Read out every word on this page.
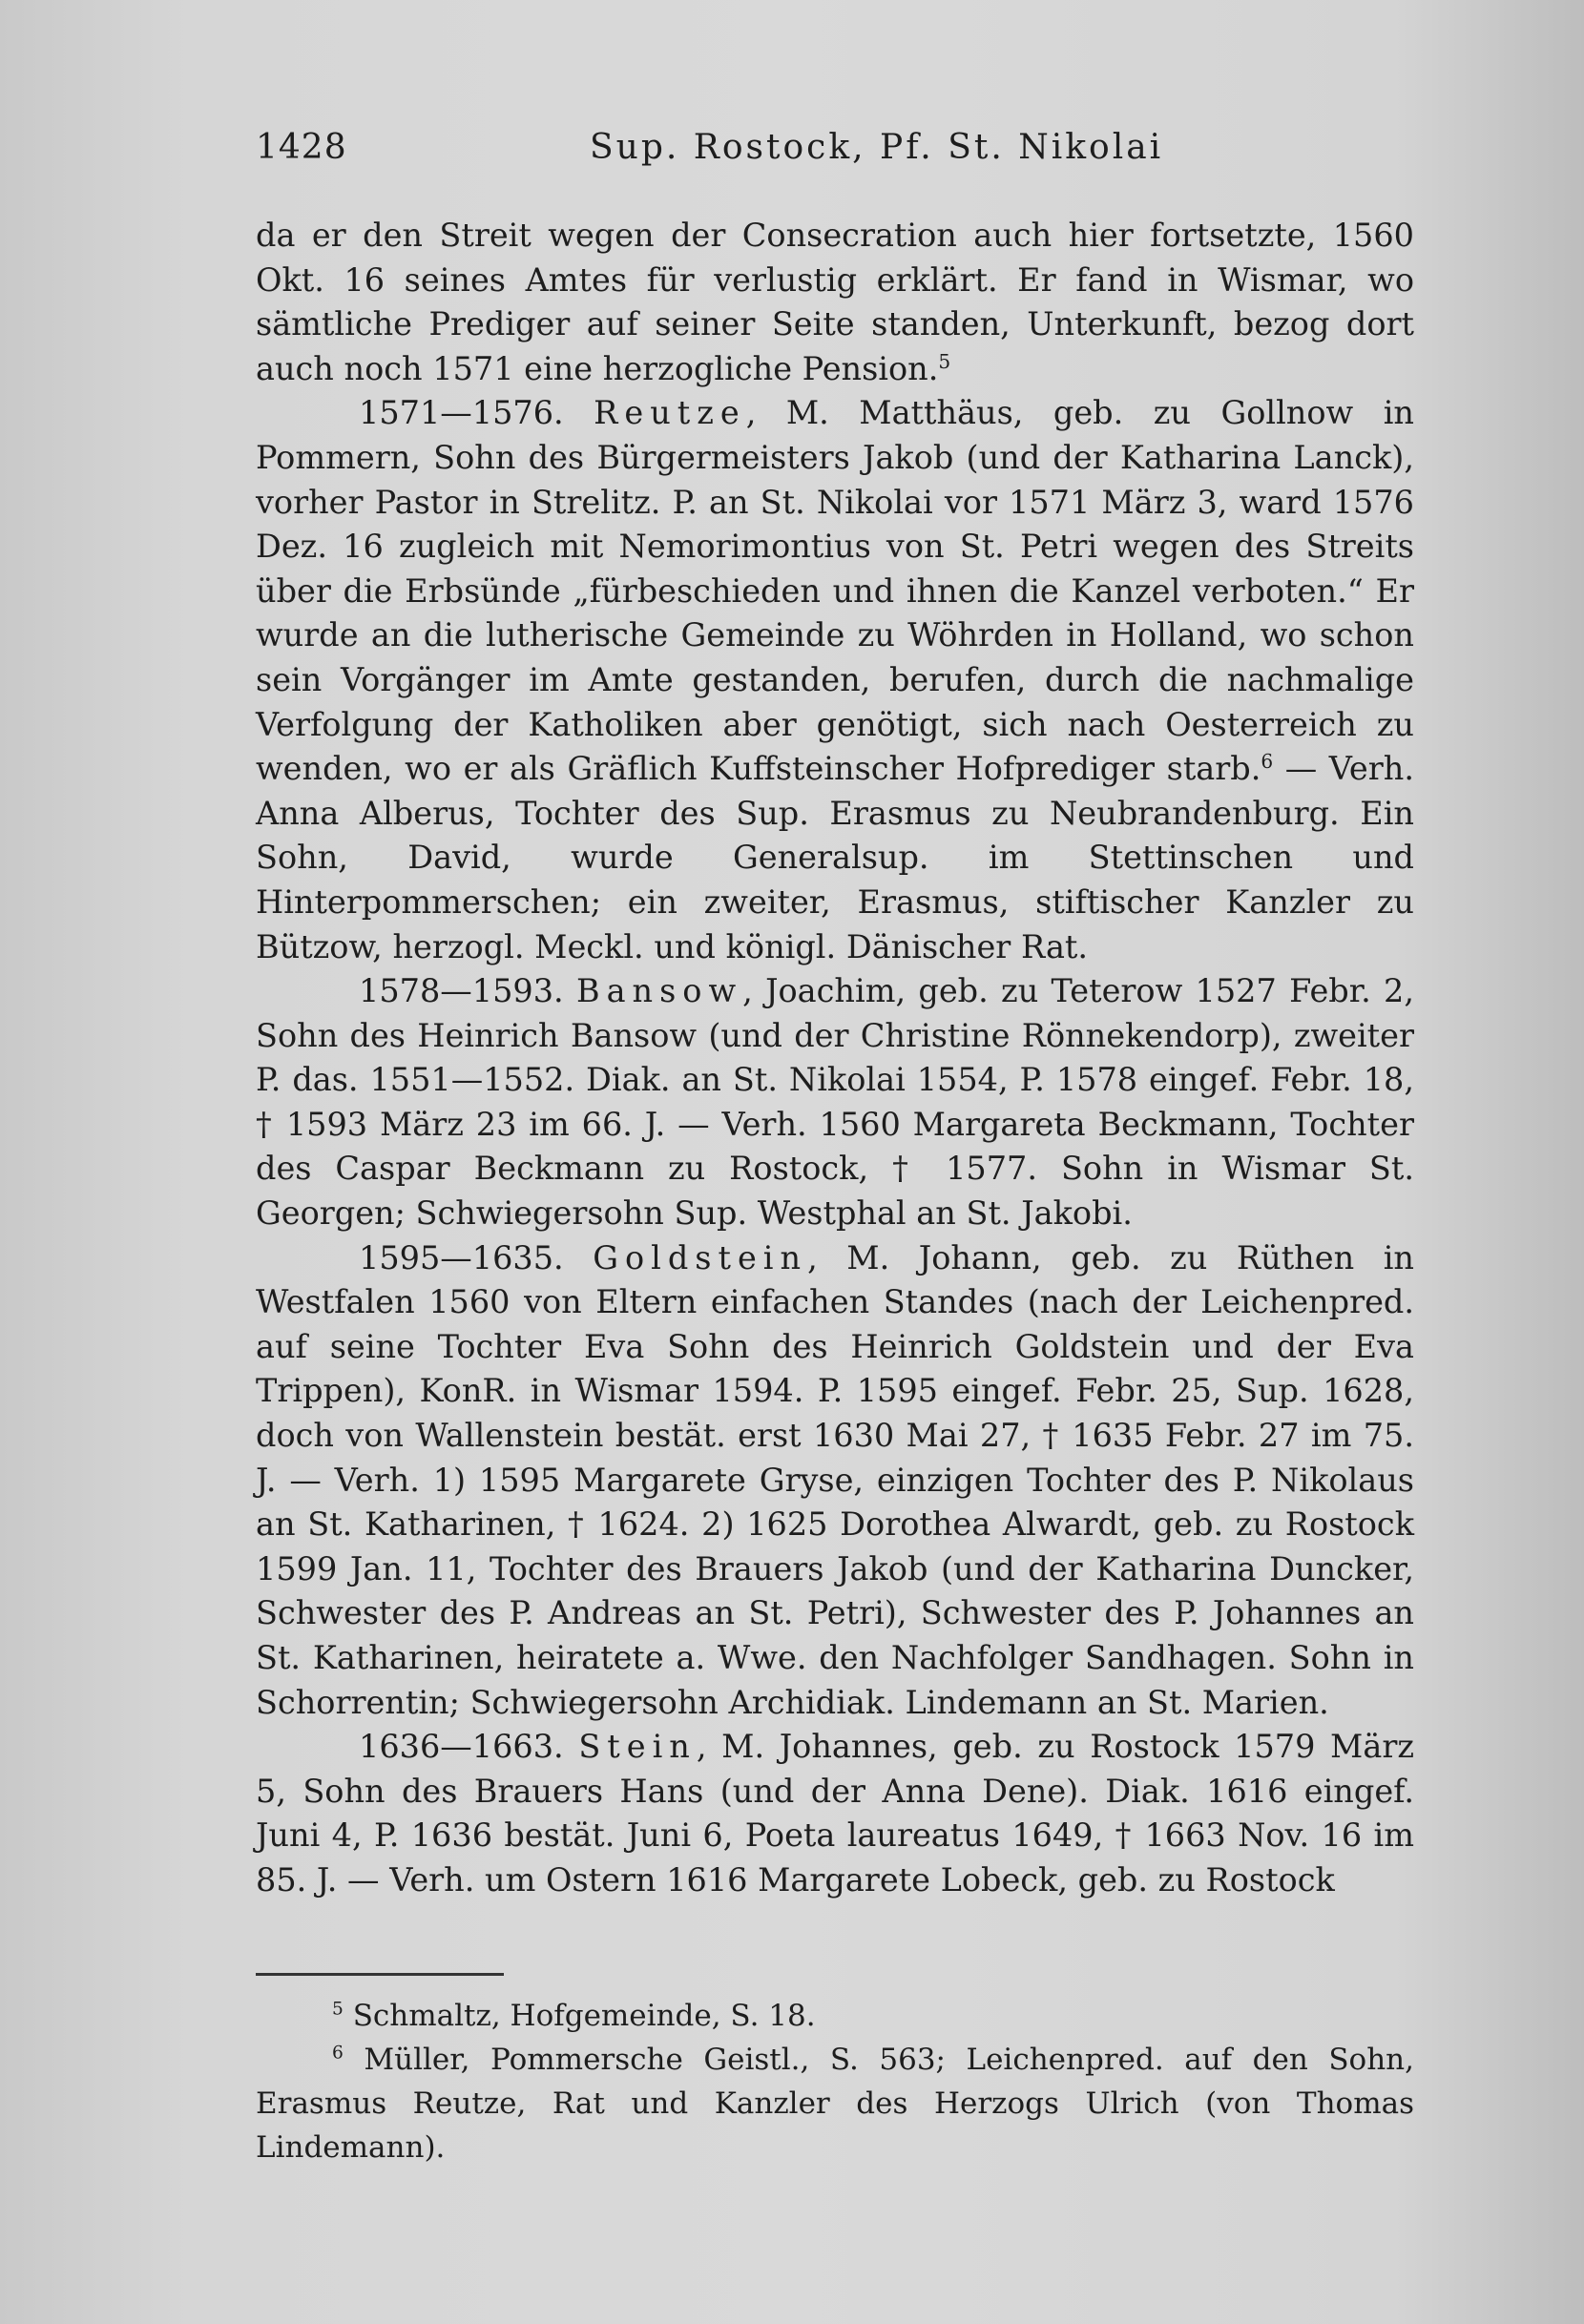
1428	Sup. Rostock, Pf. St. Nikolai

da er den Streit wegen der Consecration auch hier fortsetzte, 1560 Okt. 16 seines Amtes für verlustig erklärt. Er fand in Wismar, wo sämtliche Prediger auf seiner Seite standen, Unterkunft, bezog dort auch noch 1571 eine herzogliche Pension.$^5$

1571—1576. Reutze, M. Matthäus, geb. zu Gollnow in Pommern, Sohn des Bürgermeisters Jakob (und der Katharina Lanck), vorher Pastor in Strelitz. P. an St. Nikolai vor 1571 März 3, ward 1576 Dez. 16 zugleich mit Nemorimontius von St. Petri wegen des Streits über die Erbsünde „fürbeschieden und ihnen die Kanzel verboten.“ Er wurde an die lutherische Gemeinde zu Wöhrden in Holland, wo schon sein Vorgänger im Amte gestanden, berufen, durch die nachmalige Verfolgung der Katholiken aber genötigt, sich nach Oesterreich zu wenden, wo er als Gräflich Kuffsteinscher Hofprediger starb.$^6$ — Verh. Anna Alberus, Tochter des Sup. Erasmus zu Neubrandenburg. Ein Sohn, David, wurde Generalsup. im Stettinschen und Hinterpommerschen; ein zweiter, Erasmus, stiftischer Kanzler zu Bützow, herzogl. Meckl. und königl. Dänischer Rat.

1578—1593. Bansow, Joachim, geb. zu Teterow 1527 Febr. 2, Sohn des Heinrich Bansow (und der Christine Rönnekendorp), zweiter P. das. 1551—1552. Diak. an St. Nikolai 1554, P. 1578 eingef. Febr. 18, † 1593 März 23 im 66. J. — Verh. 1560 Margareta Beckmann, Tochter des Caspar Beckmann zu Rostock, † 1577. Sohn in Wismar St. Georgen; Schwiegersohn Sup. Westphal an St. Jakobi.

1595—1635. Goldstein, M. Johann, geb. zu Rüthen in Westfalen 1560 von Eltern einfachen Standes (nach der Leichenpred. auf seine Tochter Eva Sohn des Heinrich Goldstein und der Eva Trippen), KonR. in Wismar 1594. P. 1595 eingef. Febr. 25, Sup. 1628, doch von Wallenstein bestät. erst 1630 Mai 27, † 1635 Febr. 27 im 75. J. — Verh. 1) 1595 Margarete Gryse, einzigen Tochter des P. Nikolaus an St. Katharinen, † 1624. 2) 1625 Dorothea Alwardt, geb. zu Rostock 1599 Jan. 11, Tochter des Brauers Jakob (und der Katharina Duncker, Schwester des P. Andreas an St. Petri), Schwester des P. Johannes an St. Katharinen, heiratete a. Wwe. den Nachfolger Sandhagen. Sohn in Schorrentin; Schwiegersohn Archidiak. Lindemann an St. Marien.

1636—1663. Stein, M. Johannes, geb. zu Rostock 1579 März 5, Sohn des Brauers Hans (und der Anna Dene). Diak. 1616 eingef. Juni 4, P. 1636 bestät. Juni 6, Poeta laureatus 1649, † 1663 Nov. 16 im 85. J. — Verh. um Ostern 1616 Margarete Lobeck, geb. zu Rostock

$^5$ Schmaltz, Hofgemeinde, S. 18.

$^6$ Müller, Pommersche Geistl., S. 563; Leichenpred. auf den Sohn, Erasmus Reutze, Rat und Kanzler des Herzogs Ulrich (von Thomas Lindemann).
